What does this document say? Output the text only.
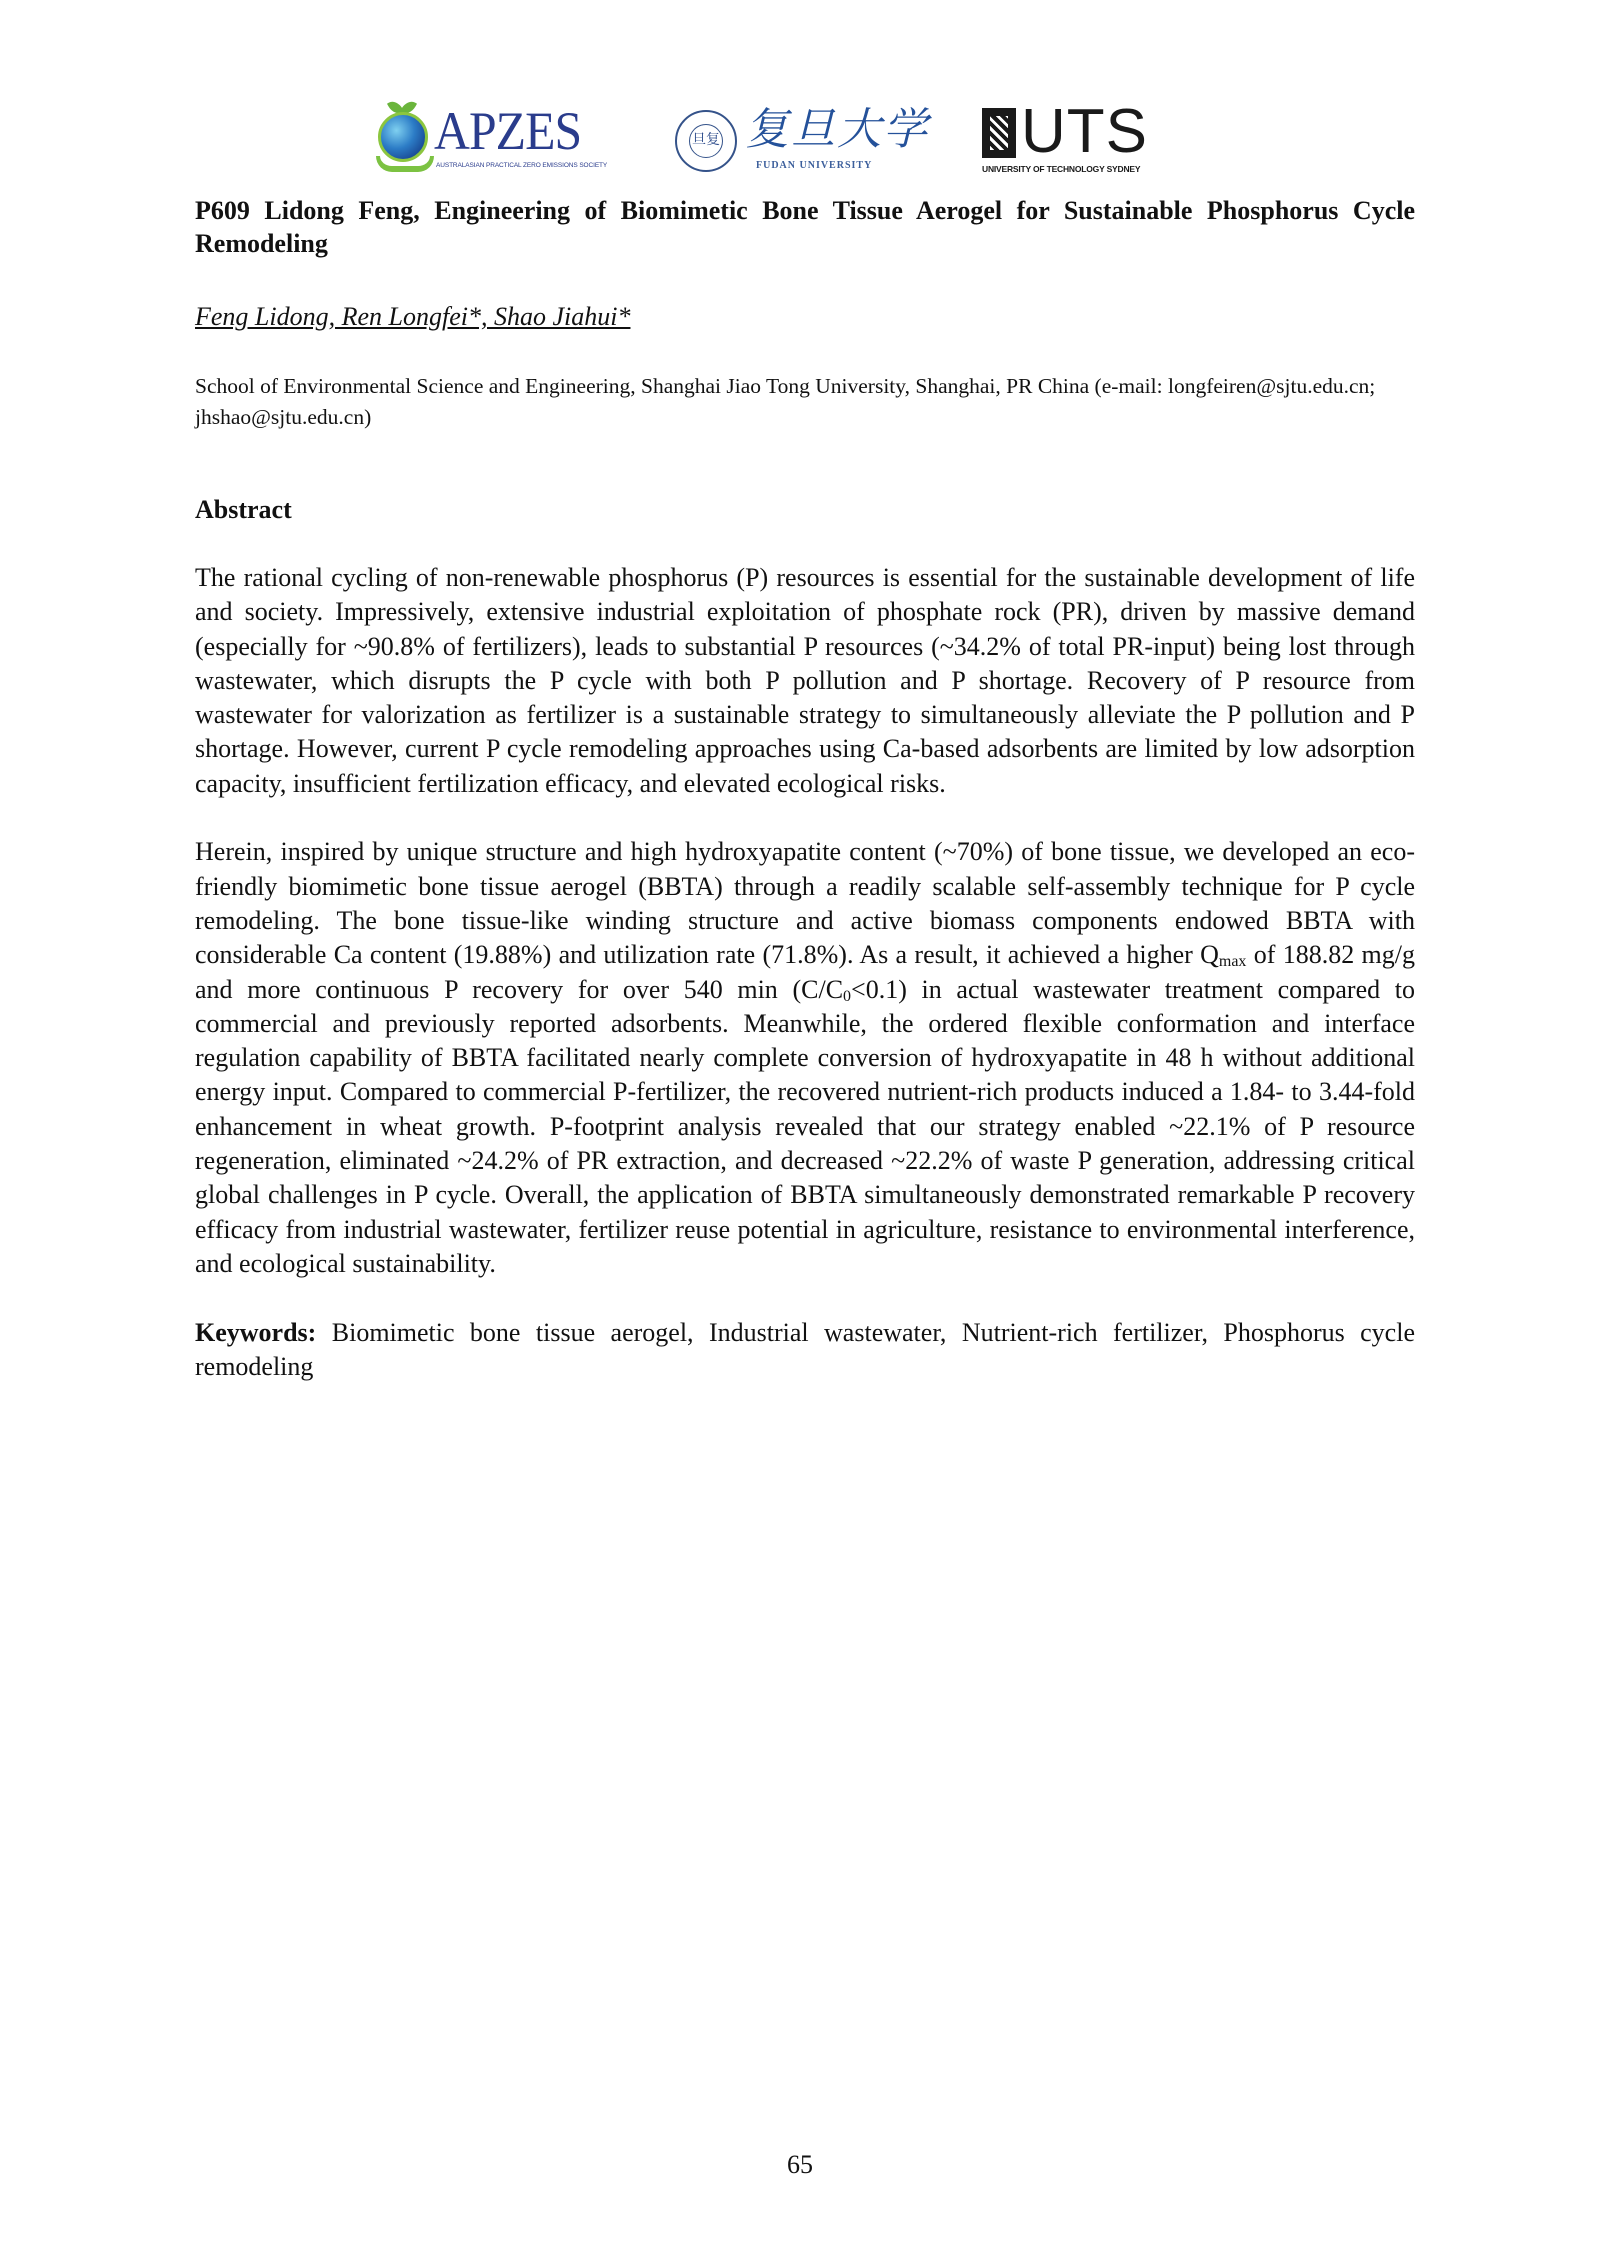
APZES
AUSTRALASIAN PRACTICAL ZERO EMISSIONS SOCIETY
旦复 复旦大学
FUDAN UNIVERSITY UTS
UNIVERSITY OF TECHNOLOGY SYDNEY
P609 Lidong Feng, Engineering of Biomimetic Bone Tissue Aerogel for Sustainable Phosphorus Cycle Remodeling

Feng Lidong, Ren Longfei*, Shao Jiahui*

School of Environmental Science and Engineering, Shanghai Jiao Tong University, Shanghai, PR China (e-mail: longfeiren@sjtu.edu.cn; jhshao@sjtu.edu.cn)

Abstract

The rational cycling of non-renewable phosphorus (P) resources is essential for the sustainable development of life and society. Impressively, extensive industrial exploitation of phosphate rock (PR), driven by massive demand (especially for ~90.8% of fertilizers), leads to substantial P resources (~34.2% of total PR-input) being lost through wastewater, which disrupts the P cycle with both P pollution and P shortage. Recovery of P resource from wastewater for valorization as fertilizer is a sustainable strategy to simultaneously alleviate the P pollution and P shortage. However, current P cycle remodeling approaches using Ca-based adsorbents are limited by low adsorption capacity, insufficient fertilization efficacy, and elevated ecological risks.

Herein, inspired by unique structure and high hydroxyapatite content (~70%) of bone tissue, we developed an eco-friendly biomimetic bone tissue aerogel (BBTA) through a readily scalable self-assembly technique for P cycle remodeling. The bone tissue-like winding structure and active biomass components endowed BBTA with considerable Ca content (19.88%) and utilization rate (71.8%). As a result, it achieved a higher $Q_{max}$ of 188.82 mg/g and more continuous P recovery for over 540 $\min (C/C_0<0.1)$ in actual wastewater treatment compared to commercial and previously reported adsorbents. Meanwhile, the ordered flexible conformation and interface regulation capability of BBTA facilitated nearly complete conversion of hydroxyapatite in 48 h without additional energy input. Compared to commercial P-fertilizer, the recovered nutrient-rich products induced a 1.84- to 3.44-fold enhancement in wheat growth. P-footprint analysis revealed that our strategy enabled ~22.1% of P resource regeneration, eliminated ~24.2% of PR extraction, and decreased ~22.2% of waste P generation, addressing critical global challenges in P cycle. Overall, the application of BBTA simultaneously demonstrated remarkable P recovery efficacy from industrial wastewater, fertilizer reuse potential in agriculture, resistance to environmental interference, and ecological sustainability.

Keywords: Biomimetic bone tissue aerogel, Industrial wastewater, Nutrient-rich fertilizer, Phosphorus cycle remodeling

65
